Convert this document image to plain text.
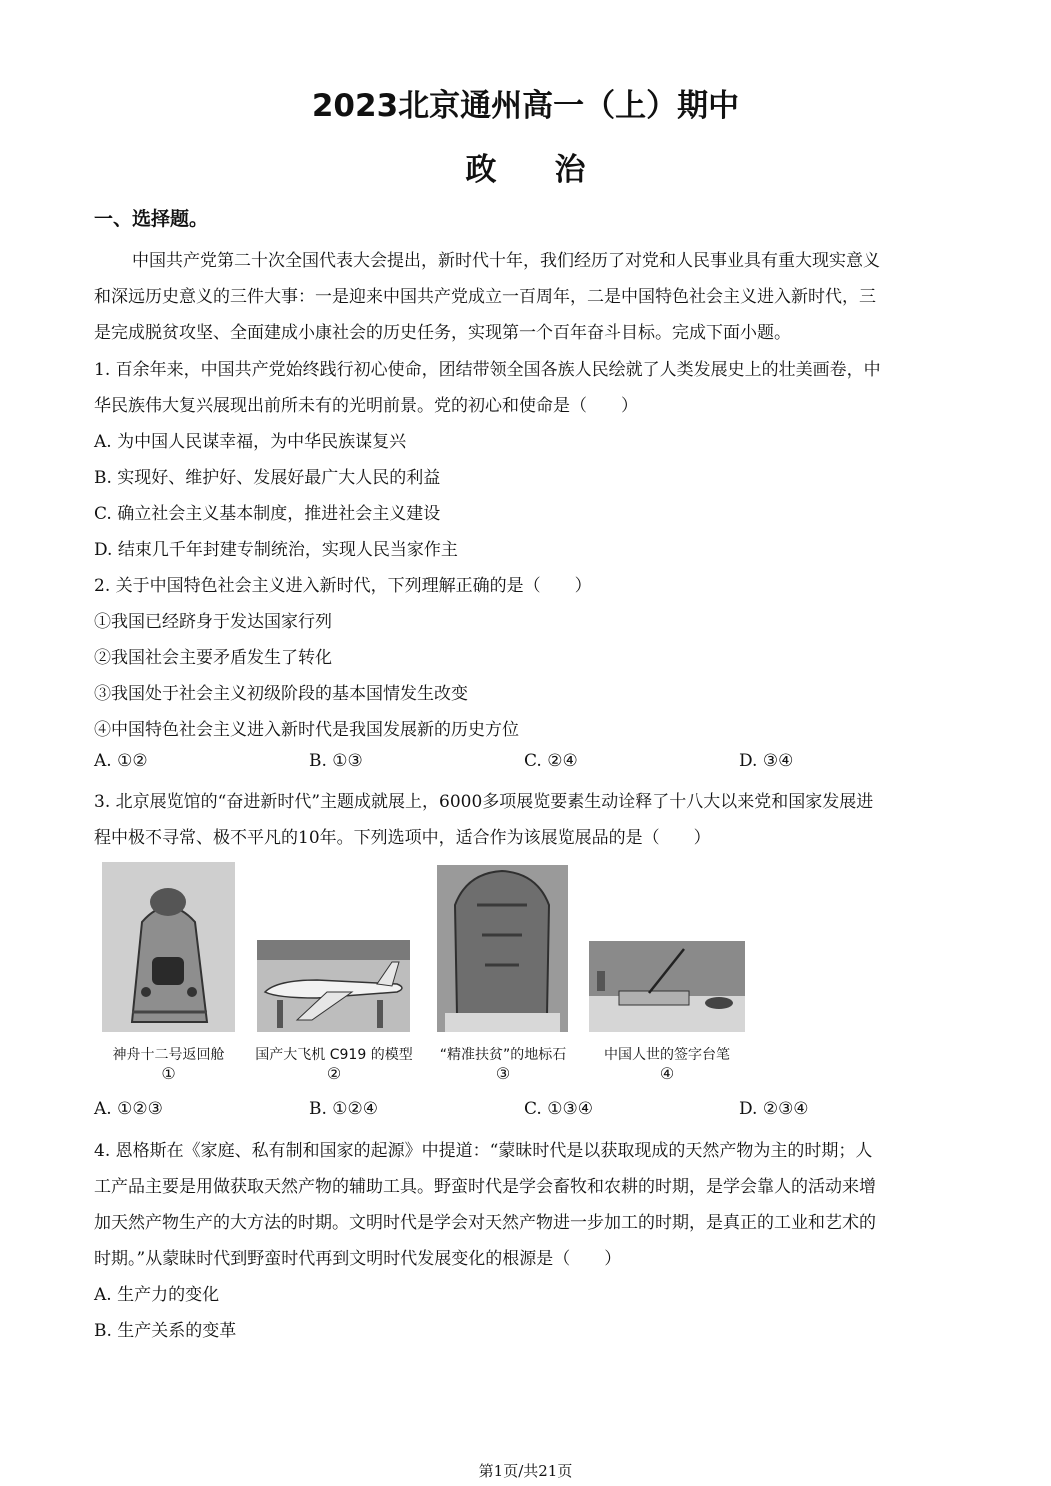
2023北京通州高一（上）期中
政治
一、选择题。
中国共产党第二十次全国代表大会提出，新时代十年，我们经历了对党和人民事业具有重大现实意义
和深远历史意义的三件大事：一是迎来中国共产党成立一百周年，二是中国特色社会主义进入新时代，三
是完成脱贫攻坚、全面建成小康社会的历史任务，实现第一个百年奋斗目标。完成下面小题。
1. 百余年来，中国共产党始终践行初心使命，团结带领全国各族人民绘就了人类发展史上的壮美画卷，中
华民族伟大复兴展现出前所未有的光明前景。党的初心和使命是（　　）
A. 为中国人民谋幸福，为中华民族谋复兴
B. 实现好、维护好、发展好最广大人民的利益
C. 确立社会主义基本制度，推进社会主义建设
D. 结束几千年封建专制统治，实现人民当家作主
2. 关于中国特色社会主义进入新时代，下列理解正确的是（　　）
①我国已经跻身于发达国家行列
②我国社会主要矛盾发生了转化
③我国处于社会主义初级阶段的基本国情发生改变
④中国特色社会主义进入新时代是我国发展新的历史方位
A. ①②	B. ①③	C. ②④	D. ③④
3. 北京展览馆的“奋进新时代”主题成就展上，6000多项展览要素生动诠释了十八大以来党和国家发展进
程中极不寻常、极不平凡的10年。下列选项中，适合作为该展览展品的是（　　）
神舟十二号返回舱	国产大飞机 C919 的模型	“精准扶贫”的地标石	中国人世的签字台笔
①	②	③	④
A. ①②③	B. ①②④	C. ①③④	D. ②③④
4. 恩格斯在《家庭、私有制和国家的起源》中提道：“蒙昧时代是以获取现成的天然产物为主的时期；人
工产品主要是用做获取天然产物的辅助工具。野蛮时代是学会畜牧和农耕的时期，是学会靠人的活动来增
加天然产物生产的大方法的时期。文明时代是学会对天然产物进一步加工的时期，是真正的工业和艺术的
时期。”从蒙昧时代到野蛮时代再到文明时代发展变化的根源是（　　）
A. 生产力的变化
B. 生产关系的变革
第1页/共21页
